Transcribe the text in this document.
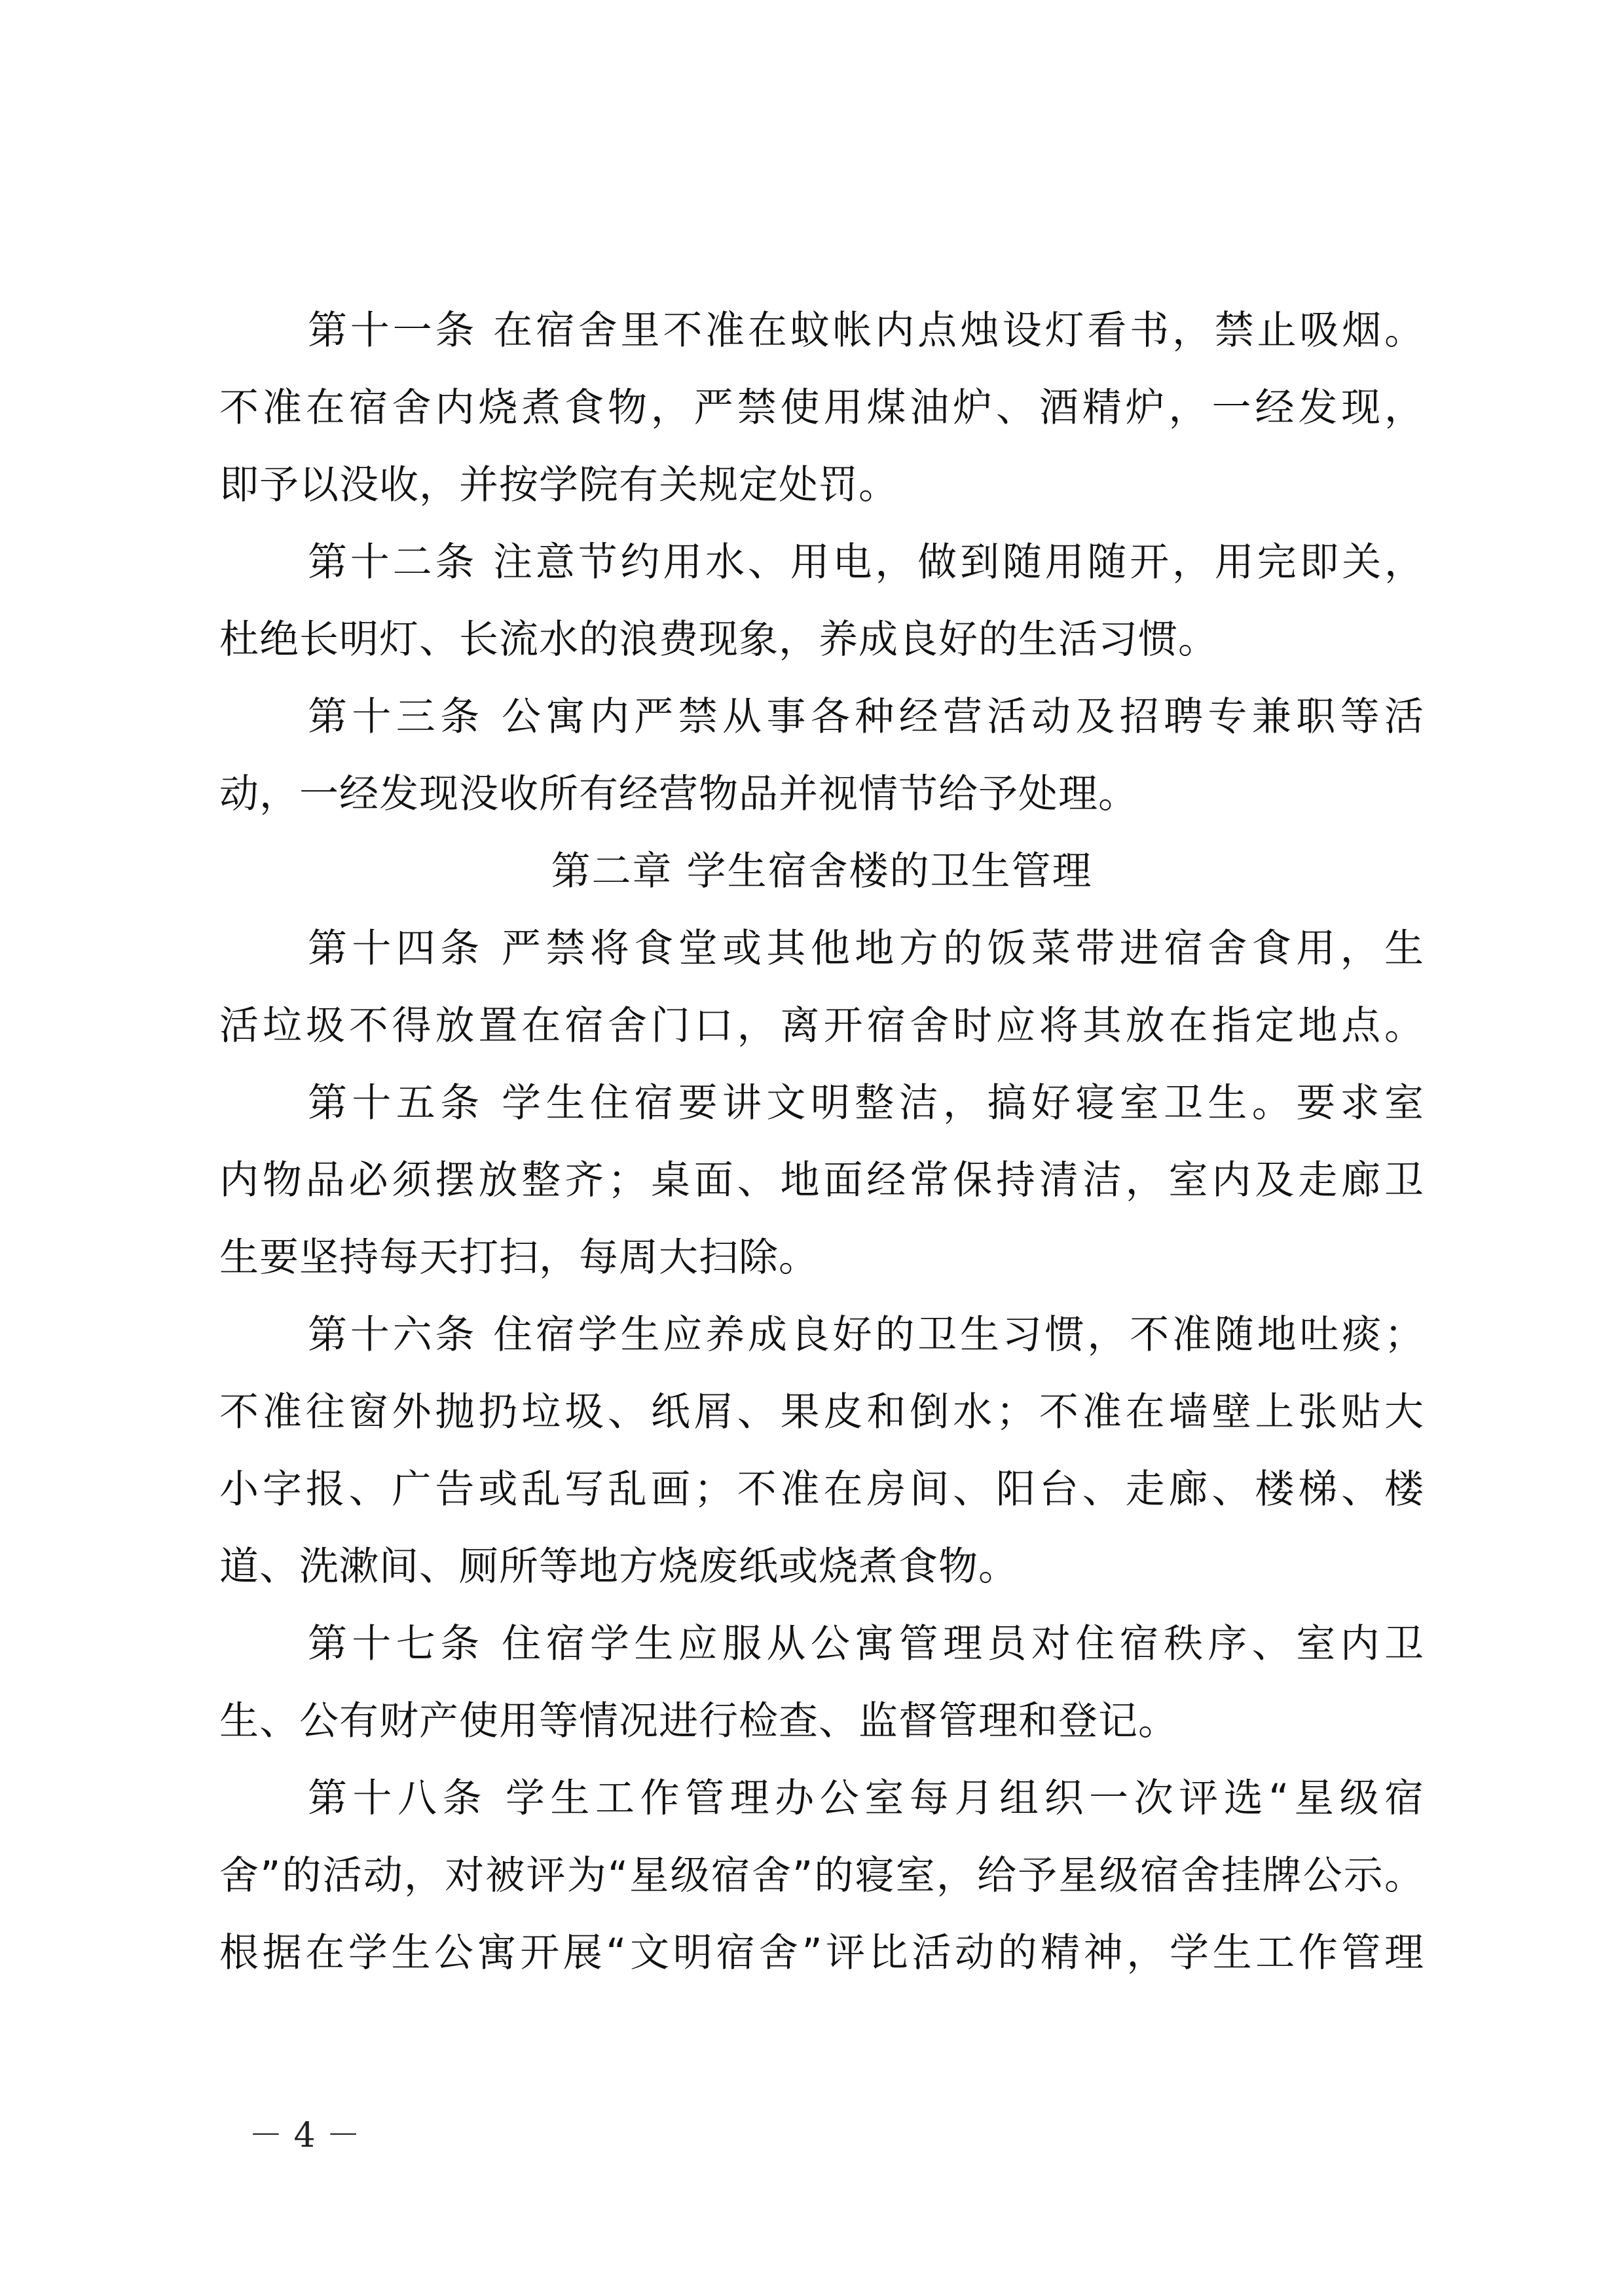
第十一条 在宿舍里不准在蚊帐内点烛设灯看书，禁止吸烟。
不准在宿舍内烧煮食物，严禁使用煤油炉、酒精炉，一经发现，
即予以没收，并按学院有关规定处罚。
第十二条 注意节约用水、用电，做到随用随开，用完即关，
杜绝长明灯、长流水的浪费现象，养成良好的生活习惯。
第十三条 公寓内严禁从事各种经营活动及招聘专兼职等活
动，一经发现没收所有经营物品并视情节给予处理。
第二章 学生宿舍楼的卫生管理
第十四条 严禁将食堂或其他地方的饭菜带进宿舍食用，生
活垃圾不得放置在宿舍门口，离开宿舍时应将其放在指定地点。
第十五条 学生住宿要讲文明整洁，搞好寝室卫生。要求室
内物品必须摆放整齐；桌面、地面经常保持清洁，室内及走廊卫
生要坚持每天打扫，每周大扫除。
第十六条 住宿学生应养成良好的卫生习惯，不准随地吐痰；
不准往窗外抛扔垃圾、纸屑、果皮和倒水；不准在墙壁上张贴大
小字报、广告或乱写乱画；不准在房间、阳台、走廊、楼梯、楼
道、洗漱间、厕所等地方烧废纸或烧煮食物。
第十七条 住宿学生应服从公寓管理员对住宿秩序、室内卫
生、公有财产使用等情况进行检查、监督管理和登记。
第十八条 学生工作管理办公室每月组织一次评选“星级宿
舍”的活动，对被评为“星级宿舍”的寝室，给予星级宿舍挂牌公示。
根据在学生公寓开展“文明宿舍”评比活动的精神，学生工作管理
－ 4 －
